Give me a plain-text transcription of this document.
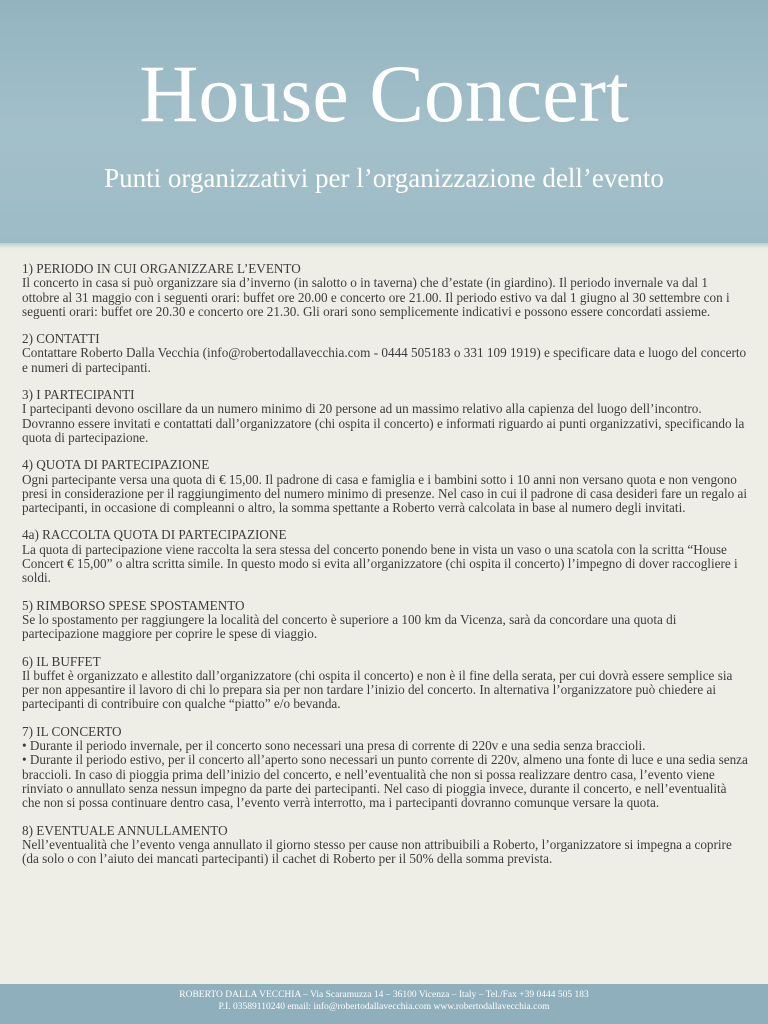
House Concert
Punti organizzativi per l’organizzazione dell’evento

1) PERIODO IN CUI ORGANIZZARE L’EVENTO

Il concerto in casa si può organizzare sia d’inverno (in salotto o in taverna) che d’estate (in giardino). Il periodo invernale va dal 1 ottobre al 31 maggio con i seguenti orari: buffet ore 20.00 e concerto ore 21.00. Il periodo estivo va dal 1 giugno al 30 settembre con i seguenti orari: buffet ore 20.30 e concerto ore 21.30. Gli orari sono semplicemente indicativi e possono essere concordati assieme.

2) CONTATTI

Contattare Roberto Dalla Vecchia (info@robertodallavecchia.com - 0444 505183 o 331 109 1919) e specificare data e luogo del concerto e numeri di partecipanti.

3) I PARTECIPANTI

I partecipanti devono oscillare da un numero minimo di 20 persone ad un massimo relativo alla capienza del luogo dell’incontro. Dovranno essere invitati e contattati dall’organizzatore (chi ospita il concerto) e informati riguardo ai punti organizzativi, specificando la quota di partecipazione.

4) QUOTA DI PARTECIPAZIONE

Ogni partecipante versa una quota di € 15,00. Il padrone di casa e famiglia e i bambini sotto i 10 anni non versano quota e non vengono presi in considerazione per il raggiungimento del numero minimo di presenze. Nel caso in cui il padrone di casa desideri fare un regalo ai partecipanti, in occasione di compleanni o altro, la somma spettante a Roberto verrà calcolata in base al numero degli invitati.

4a) RACCOLTA QUOTA DI PARTECIPAZIONE

La quota di partecipazione viene raccolta la sera stessa del concerto ponendo bene in vista un vaso o una scatola con la scritta “House Concert € 15,00” o altra scritta simile. In questo modo si evita all’organizzatore (chi ospita il concerto) l’impegno di dover raccogliere i soldi.

5) RIMBORSO SPESE SPOSTAMENTO

Se lo spostamento per raggiungere la località del concerto è superiore a 100 km da Vicenza, sarà da concordare una quota di partecipazione maggiore per coprire le spese di viaggio.

6) IL BUFFET

Il buffet è organizzato e allestito dall’organizzatore (chi ospita il concerto) e non è il fine della serata, per cui dovrà essere semplice sia per non appesantire il lavoro di chi lo prepara sia per non tardare l’inizio del concerto. In alternativa l’organizzatore può chiedere ai partecipanti di contribuire con qualche “piatto” e/o bevanda.

7) IL CONCERTO

• Durante il periodo invernale, per il concerto sono necessari una presa di corrente di 220v e una sedia senza braccioli.

• Durante il periodo estivo, per il concerto all’aperto sono necessari un punto corrente di 220v, almeno una fonte di luce e una sedia senza braccioli. In caso di pioggia prima dell’inizio del concerto, e nell’eventualità che non si possa realizzare dentro casa, l’evento viene rinviato o annullato senza nessun impegno da parte dei partecipanti. Nel caso di pioggia invece, durante il concerto, e nell’eventualità che non si possa continuare dentro casa, l’evento verrà interrotto, ma i partecipanti dovranno comunque versare la quota.

8) EVENTUALE ANNULLAMENTO

Nell’eventualità che l’evento venga annullato il giorno stesso per cause non attribuibili a Roberto, l’organizzatore si impegna a coprire (da solo o con l’aiuto dei mancati partecipanti) il cachet di Roberto per il 50% della somma prevista.

ROBERTO DALLA VECCHIA – Via Scaramuzza 14 – 36100 Vicenza – Italy – Tel./Fax +39 0444 505 183
P.I. 03589110240 email: info@robertodallavecchia.com www.robertodallavecchia.com
